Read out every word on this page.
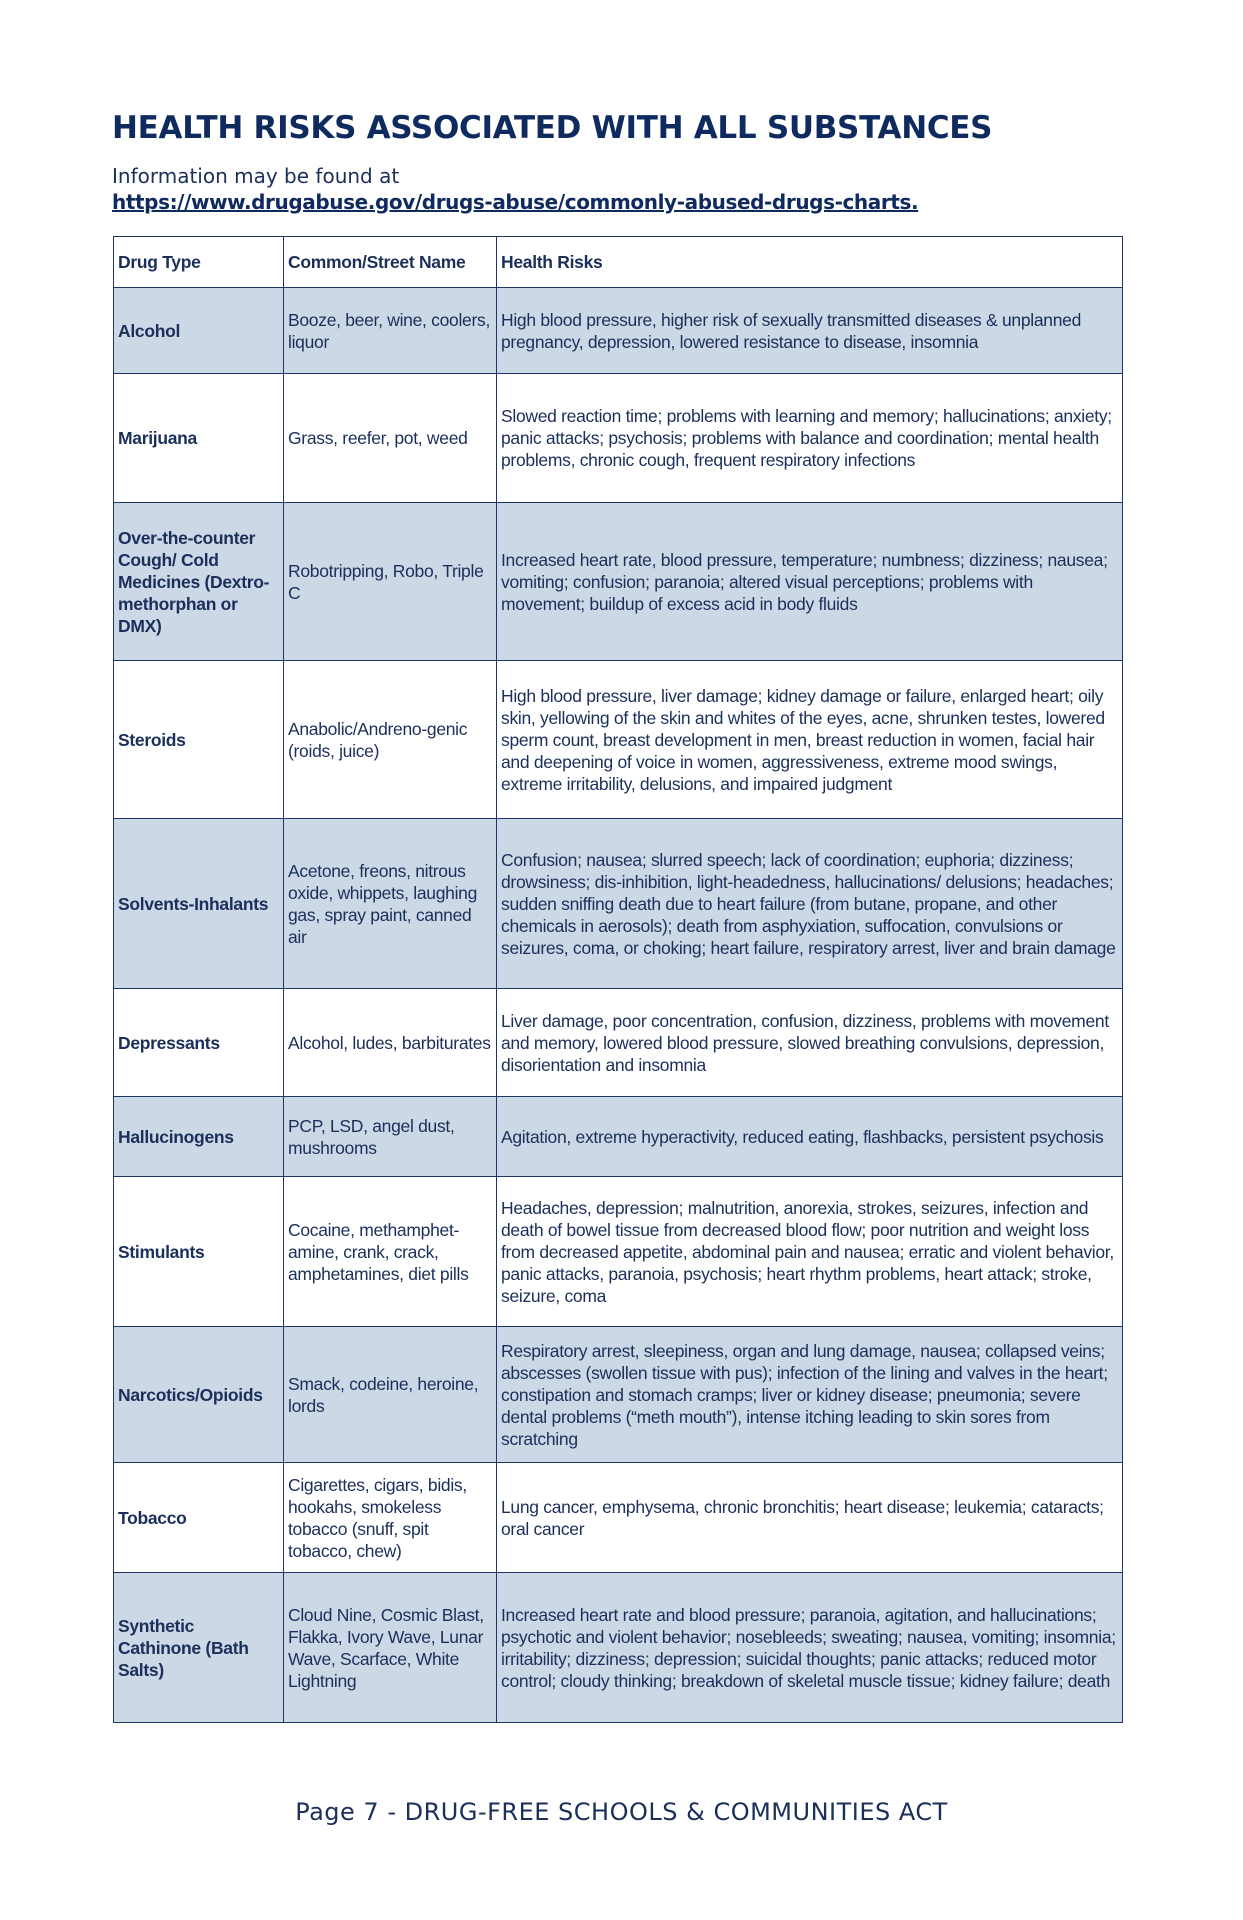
HEALTH RISKS ASSOCIATED WITH ALL SUBSTANCES

Information may be found at
https://www.drugabuse.gov/drugs-abuse/commonly-abused-drugs-charts.

Drug Type	Common/Street Name	Health Risks
Alcohol	Booze, beer, wine, coolers, liquor	High blood pressure, higher risk of sexually transmitted diseases & unplanned pregnancy, depression, lowered resistance to disease, insomnia
Marijuana	Grass, reefer, pot, weed	Slowed reaction time; problems with learning and memory; hallucinations; anxiety; panic attacks; psychosis; problems with balance and coordination; mental health problems, chronic cough, frequent respiratory infections
Over-the-counter Cough/ Cold Medicines (Dextro-methorphan or DMX)	Robotripping, Robo, Triple C	Increased heart rate, blood pressure, temperature; numbness; dizziness; nausea; vomiting; confusion; paranoia; altered visual perceptions; problems with movement; buildup of excess acid in body fluids
Steroids	Anabolic/Andreno-genic (roids, juice)	High blood pressure, liver damage; kidney damage or failure, enlarged heart; oily skin, yellowing of the skin and whites of the eyes, acne, shrunken testes, lowered sperm count, breast development in men, breast reduction in women, facial hair and deepening of voice in women, aggressiveness, extreme mood swings, extreme irritability, delusions, and impaired judgment
Solvents-Inhalants	Acetone, freons, nitrous oxide, whippets, laughing gas, spray paint, canned air	Confusion; nausea; slurred speech; lack of coordination; euphoria; dizziness; drowsiness; dis-inhibition, light-headedness, hallucinations/ delusions; headaches; sudden sniffing death due to heart failure (from butane, propane, and other chemicals in aerosols); death from asphyxiation, suffocation, convulsions or seizures, coma, or choking; heart failure, respiratory arrest, liver and brain damage
Depressants	Alcohol, ludes, barbiturates	Liver damage, poor concentration, confusion, dizziness, problems with movement and memory, lowered blood pressure, slowed breathing convulsions, depression, disorientation and insomnia
Hallucinogens	PCP, LSD, angel dust, mushrooms	Agitation, extreme hyperactivity, reduced eating, flashbacks, persistent psychosis
Stimulants	Cocaine, methamphet-amine, crank, crack, amphetamines, diet pills	Headaches, depression; malnutrition, anorexia, strokes, seizures, infection and death of bowel tissue from decreased blood flow; poor nutrition and weight loss from decreased appetite, abdominal pain and nausea; erratic and violent behavior, panic attacks, paranoia, psychosis; heart rhythm problems, heart attack; stroke, seizure, coma
Narcotics/Opioids	Smack, codeine, heroine, lords	Respiratory arrest, sleepiness, organ and lung damage, nausea; collapsed veins; abscesses (swollen tissue with pus); infection of the lining and valves in the heart; constipation and stomach cramps; liver or kidney disease; pneumonia; severe dental problems (“meth mouth”), intense itching leading to skin sores from scratching
Tobacco	Cigarettes, cigars, bidis, hookahs, smokeless tobacco (snuff, spit tobacco, chew)	Lung cancer, emphysema, chronic bronchitis; heart disease; leukemia; cataracts; oral cancer
Synthetic Cathinone (Bath Salts)	Cloud Nine, Cosmic Blast, Flakka, Ivory Wave, Lunar Wave, Scarface, White Lightning	Increased heart rate and blood pressure; paranoia, agitation, and hallucinations; psychotic and violent behavior; nosebleeds; sweating; nausea, vomiting; insomnia; irritability; dizziness; depression; suicidal thoughts; panic attacks; reduced motor control; cloudy thinking; breakdown of skeletal muscle tissue; kidney failure; death
Page 7 - DRUG-FREE SCHOOLS & COMMUNITIES ACT
